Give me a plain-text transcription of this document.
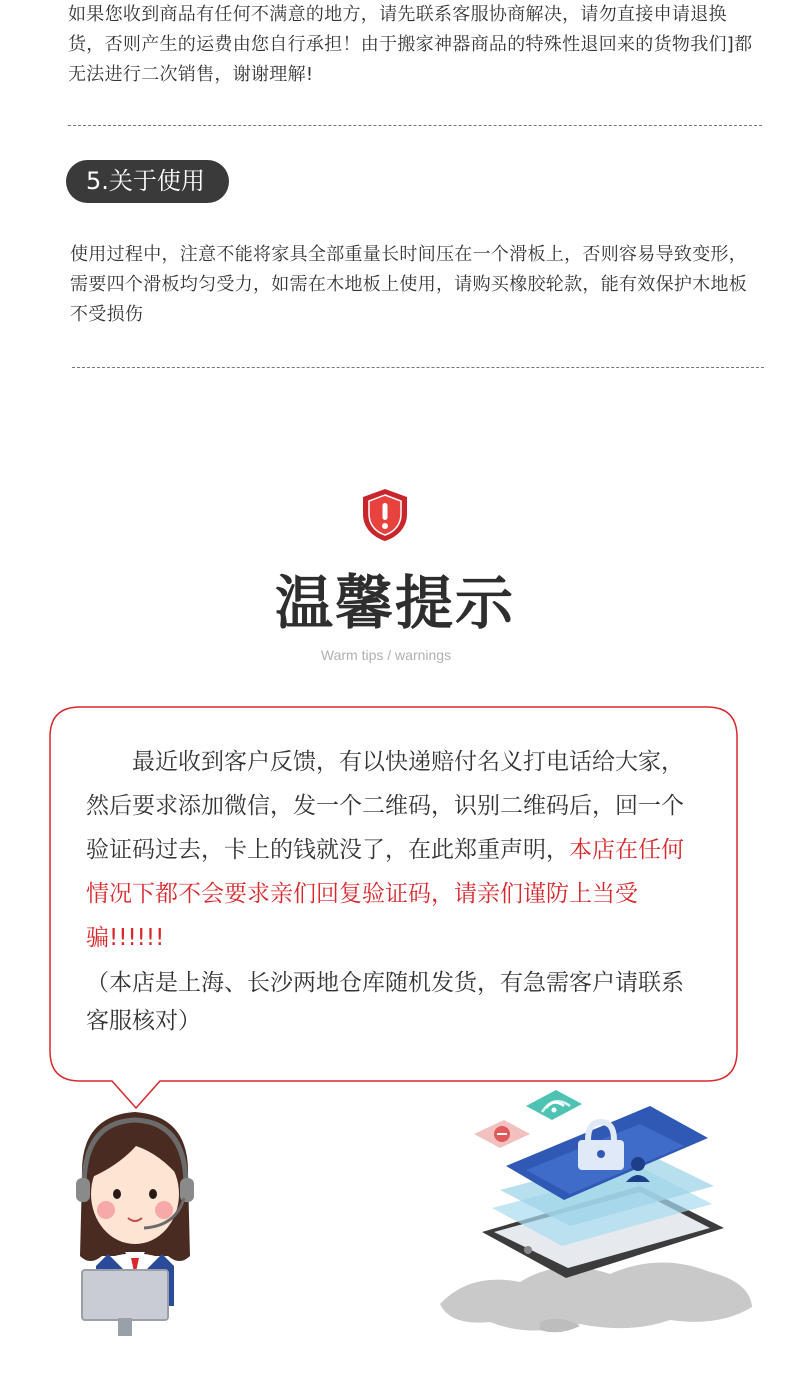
如果您收到商品有任何不满意的地方，请先联系客服协商解决，请勿直接申请退换货，否则产生的运费由您自行承担！由于搬家神器商品的特殊性退回来的货物我们]都无法进行二次销售，谢谢理解!
5.关于使用
使用过程中，注意不能将家具全部重量长时间压在一个滑板上，否则容易导致变形，需要四个滑板均匀受力，如需在木地板上使用，请购买橡胶轮款，能有效保护木地板不受损伤
温馨提示
Warm tips / warnings
　　最近收到客户反馈，有以快递赔付名义打电话给大家，然后要求添加微信，发一个二维码，识别二维码后，回一个验证码过去，卡上的钱就没了，在此郑重声明，本店在任何情况下都不会要求亲们回复验证码，请亲们谨防上当受骗!!!!!!
（本店是上海、长沙两地仓库随机发货，有急需客户请联系客服核对）
